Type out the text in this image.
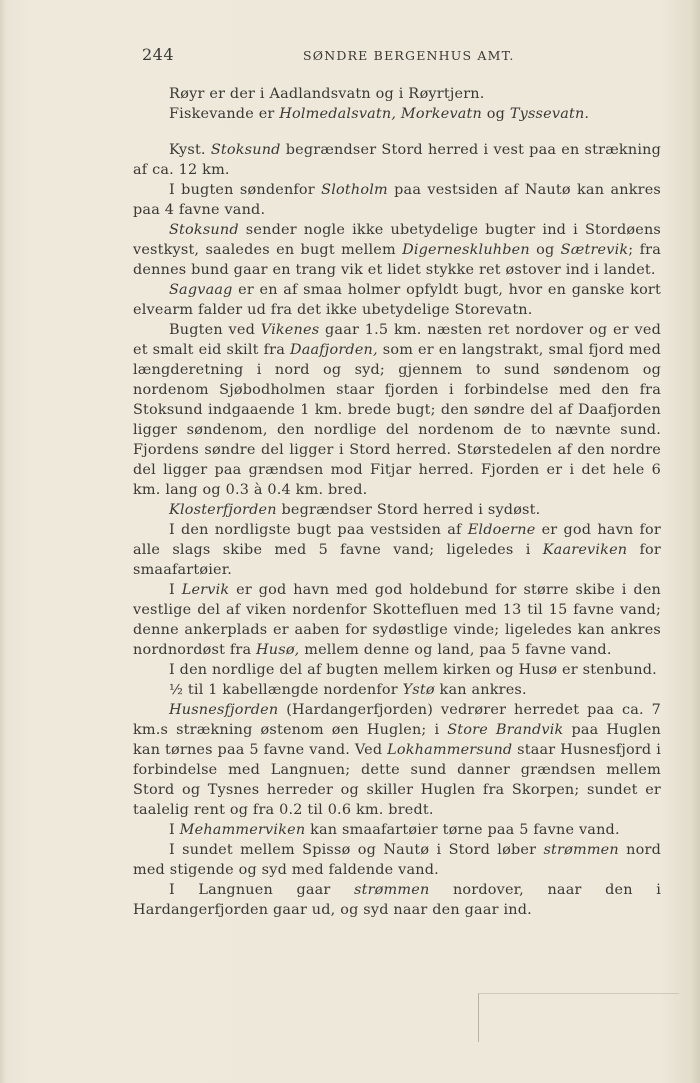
244	SØNDRE BERGENHUS AMT.

Røyr er der i Aadlandsvatn og i Røyrtjern.

Fiskevande er Holmedalsvatn, Morkevatn og Tyssevatn.

Kyst. Stoksund begrændser Stord herred i vest paa en strækning af ca. 12 km.

I bugten søndenfor Slotholm paa vestsiden af Nautø kan ankres paa 4 favne vand.

Stoksund sender nogle ikke ubetydelige bugter ind i Stordøens vestkyst, saaledes en bugt mellem Digerneskluhben og Sætrevik; fra dennes bund gaar en trang vik et lidet stykke ret østover ind i landet.

Sagvaag er en af smaa holmer opfyldt bugt, hvor en ganske kort elvearm falder ud fra det ikke ubetydelige Storevatn.

Bugten ved Vikenes gaar 1.5 km. næsten ret nordover og er ved et smalt eid skilt fra Daafjorden, som er en langstrakt, smal fjord med længderetning i nord og syd; gjennem to sund søndenom og nordenom Sjøbodholmen staar fjorden i forbindelse med den fra Stoksund indgaaende 1 km. brede bugt; den søndre del af Daafjorden ligger søndenom, den nordlige del nordenom de to nævnte sund. Fjordens søndre del ligger i Stord herred. Størstedelen af den nordre del ligger paa grændsen mod Fitjar herred. Fjorden er i det hele 6 km. lang og 0.3 à 0.4 km. bred.

Klosterfjorden begrændser Stord herred i sydøst.

I den nordligste bugt paa vestsiden af Eldoerne er god havn for alle slags skibe med 5 favne vand; ligeledes i Kaareviken for smaafartøier.

I Lervik er god havn med god holdebund for større skibe i den vestlige del af viken nordenfor Skottefluen med 13 til 15 favne vand; denne ankerplads er aaben for sydøstlige vinde; ligeledes kan ankres nordnordøst fra Husø, mellem denne og land, paa 5 favne vand.

I den nordlige del af bugten mellem kirken og Husø er stenbund.

½ til 1 kabellængde nordenfor Ystø kan ankres.

Husnesfjorden (Hardangerfjorden) vedrører herredet paa ca. 7 km.s strækning østenom øen Huglen; i Store Brandvik paa Huglen kan tørnes paa 5 favne vand. Ved Lokhammersund staar Husnesfjord i forbindelse med Langnuen; dette sund danner grændsen mellem Stord og Tysnes herreder og skiller Huglen fra Skorpen; sundet er taalelig rent og fra 0.2 til 0.6 km. bredt.

I Mehammerviken kan smaafartøier tørne paa 5 favne vand.

I sundet mellem Spissø og Nautø i Stord løber strømmen nord med stigende og syd med faldende vand.

I Langnuen gaar strømmen nordover, naar den i Hardangerfjorden gaar ud, og syd naar den gaar ind.
